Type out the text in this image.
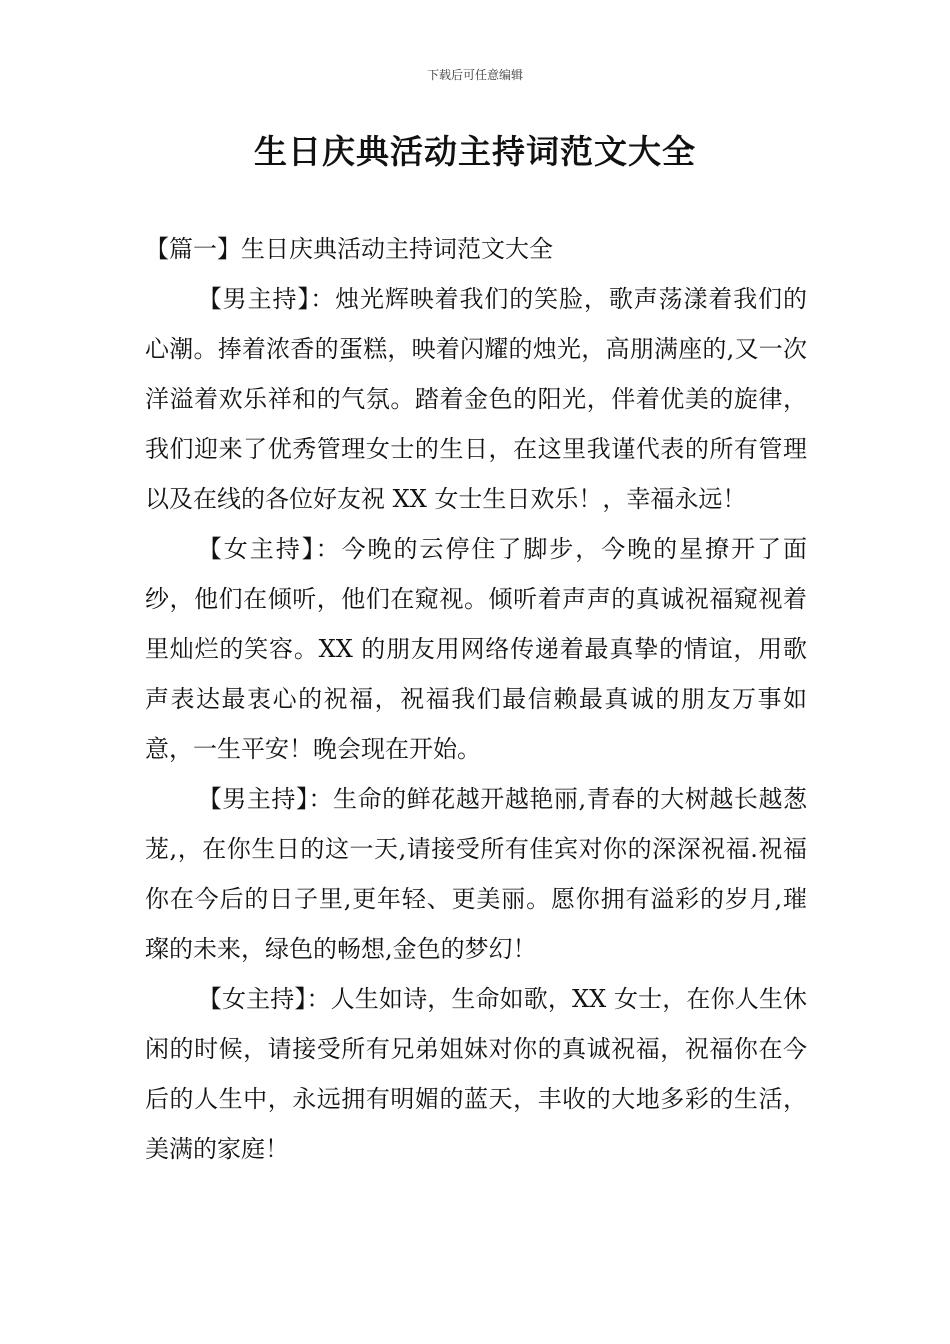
下载后可任意编辑
生日庆典活动主持词范文大全

【篇一】生日庆典活动主持词范文大全

【男主持】：烛光辉映着我们的笑脸，歌声荡漾着我们的心潮。捧着浓香的蛋糕，映着闪耀的烛光，高朋满座的,又一次洋溢着欢乐祥和的气氛。踏着金色的阳光，伴着优美的旋律，我们迎来了优秀管理女士的生日，在这里我谨代表的所有管理以及在线的各位好友祝 XX 女士生日欢乐！，幸福永远！

【女主持】：今晚的云停住了脚步，今晚的星撩开了面纱，他们在倾听，他们在窥视。倾听着声声的真诚祝福窥视着里灿烂的笑容。XX 的朋友用网络传递着最真挚的情谊，用歌声表达最衷心的祝福，祝福我们最信赖最真诚的朋友万事如意，一生平安！晚会现在开始。

【男主持】：生命的鲜花越开越艳丽,青春的大树越长越葱茏,，在你生日的这一天,请接受所有佳宾对你的深深祝福.祝福你在今后的日子里,更年轻、更美丽。愿你拥有溢彩的岁月,璀璨的未来，绿色的畅想,金色的梦幻！

【女主持】：人生如诗，生命如歌，XX 女士，在你人生休闲的时候，请接受所有兄弟姐妹对你的真诚祝福，祝福你在今后的人生中，永远拥有明媚的蓝天，丰收的大地多彩的生活，美满的家庭！
